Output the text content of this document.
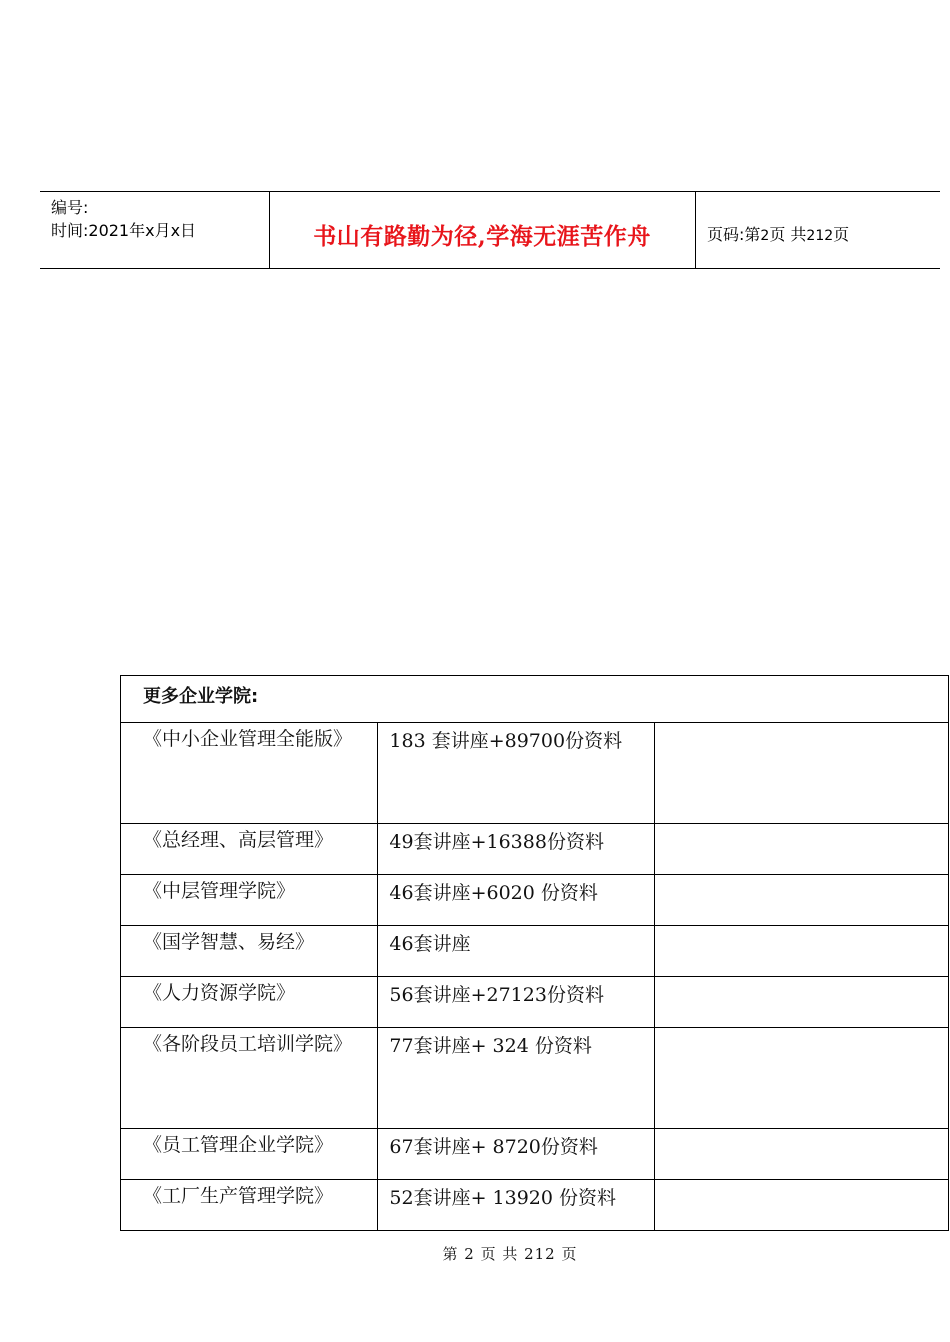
编号:
时间:2021年x月x日	书山有路勤为径,学海无涯苦作舟	页码:第2页 共212页
更多企业学院:		

《中小企业管理全能版》	183 套讲座+89700份资料	

《总经理、高层管理》	49套讲座+16388份资料	

《中层管理学院》	46套讲座+6020 份资料	

《国学智慧、易经》	46套讲座	

《人力资源学院》	56套讲座+27123份资料	

《各阶段员工培训学院》	77套讲座+ 324 份资料	

《员工管理企业学院》	67套讲座+ 8720份资料	

《工厂生产管理学院》	52套讲座+ 13920 份资料	

第 2 页 共 212 页
